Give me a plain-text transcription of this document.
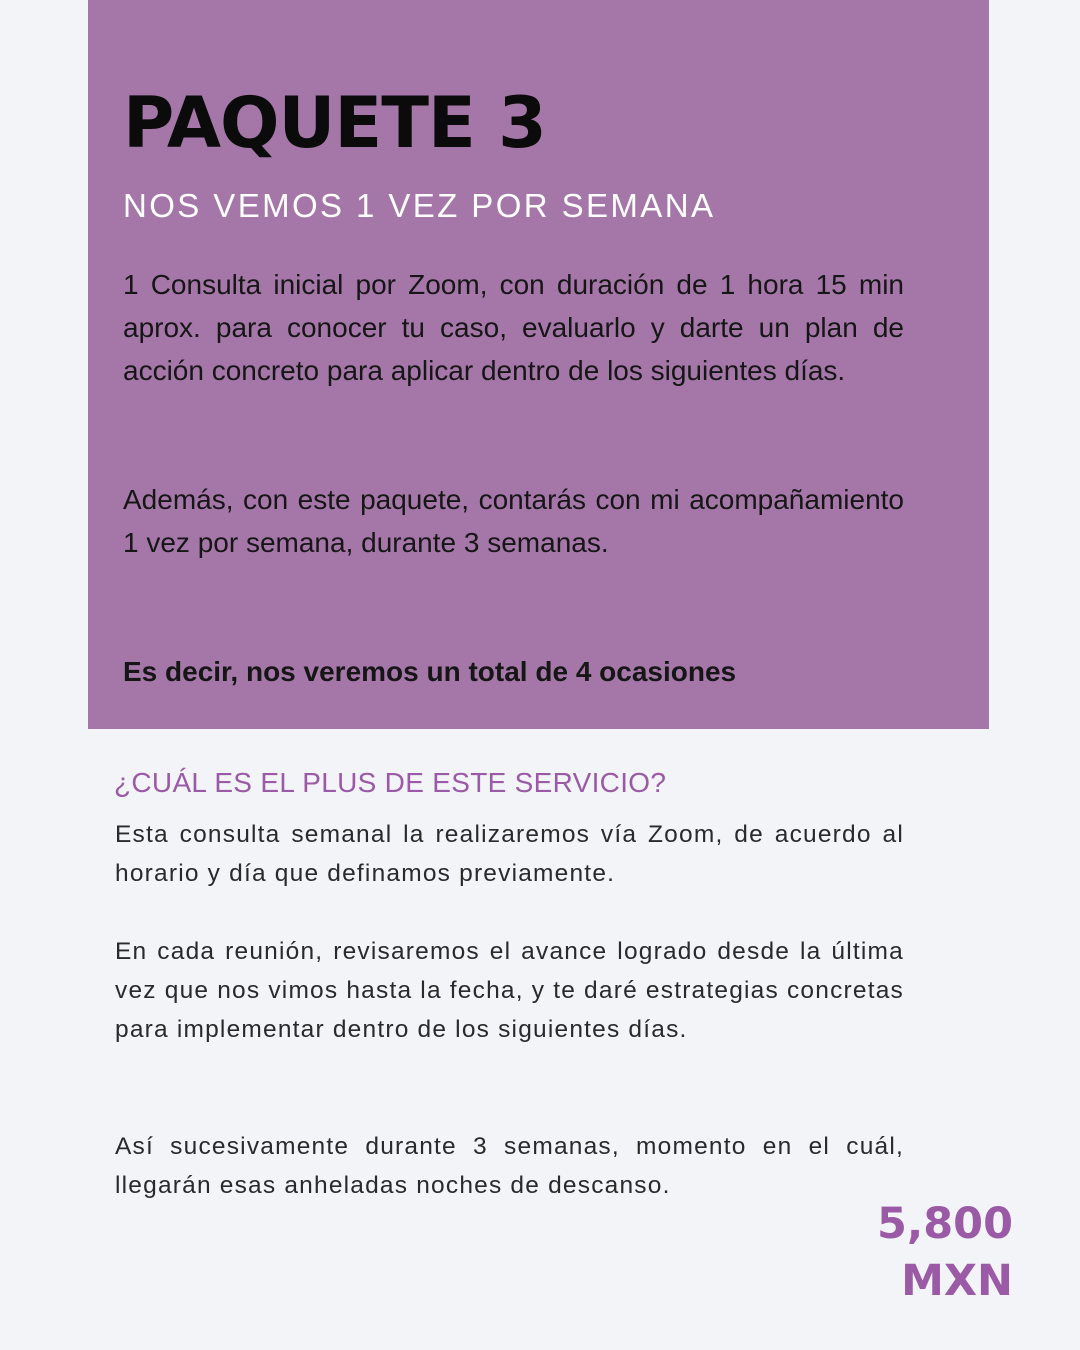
PAQUETE 3
NOS VEMOS 1 VEZ POR SEMANA

1 Consulta inicial por Zoom, con duración de 1 hora 15 min aprox. para conocer tu caso, evaluarlo y darte un plan de acción concreto para aplicar dentro de los siguientes días.

Además, con este paquete, contarás con mi acompañamiento 1 vez por semana, durante 3 semanas.

Es decir, nos veremos un total de 4 ocasiones

¿CUÁL ES EL PLUS DE ESTE SERVICIO?

Esta consulta semanal la realizaremos vía Zoom, de acuerdo al horario y día que definamos previamente.

En cada reunión, revisaremos el avance logrado desde la última vez que nos vimos hasta la fecha, y te daré estrategias concretas para implementar dentro de los siguientes días.

Así sucesivamente durante 3 semanas, momento en el cuál, llegarán esas anheladas noches de descanso.

5,800
MXN
